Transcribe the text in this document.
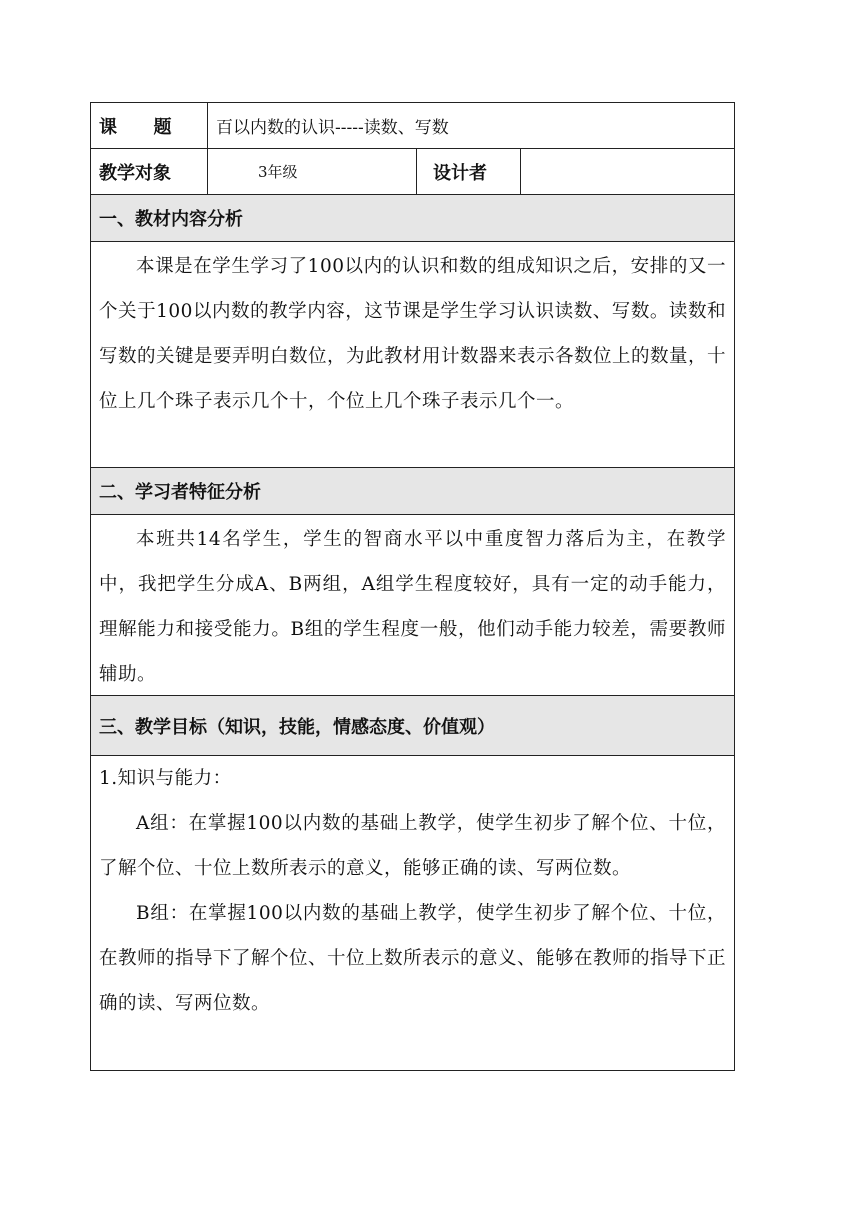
课  题 百以内数的认识-----读数、写数
教学对象	3年级	设计者
一、教材内容分析

本课是在学生学习了100以内的认识和数的组成知识之后，安排的又一个关于100以内数的教学内容，这节课是学生学习认识读数、写数。读数和写数的关键是要弄明白数位，为此教材用计数器来表示各数位上的数量，十位上几个珠子表示几个十，个位上几个珠子表示几个一。

二、学习者特征分析

本班共14名学生，学生的智商水平以中重度智力落后为主，在教学中，我把学生分成A、B两组，A组学生程度较好，具有一定的动手能力，理解能力和接受能力。B组的学生程度一般，他们动手能力较差，需要教师辅助。

三、教学目标（知识，技能，情感态度、价值观）

1.知识与能力：

A组：在掌握100以内数的基础上教学，使学生初步了解个位、十位，了解个位、十位上数所表示的意义，能够正确的读、写两位数。

B组：在掌握100以内数的基础上教学，使学生初步了解个位、十位，在教师的指导下了解个位、十位上数所表示的意义、能够在教师的指导下正确的读、写两位数。
